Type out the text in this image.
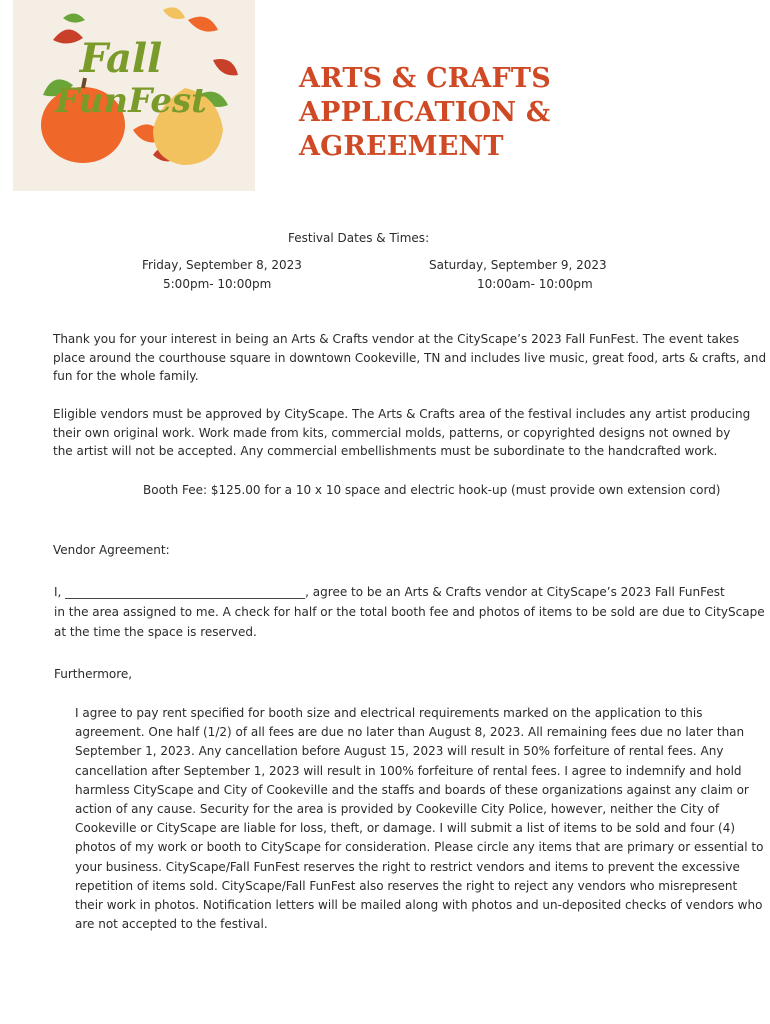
Fall
FunFest
ARTS & CRAFTS
APPLICATION &
AGREEMENT
Festival Dates & Times:
Friday, September 8, 2023
5:00pm- 10:00pm
Saturday, September 9, 2023
10:00am- 10:00pm
Thank you for your interest in being an Arts & Crafts vendor at the CityScape’s 2023 Fall FunFest. The event takes
place around the courthouse square in downtown Cookeville, TN and includes live music, great food, arts & crafts, and
fun for the whole family.
Eligible vendors must be approved by CityScape. The Arts & Crafts area of the festival includes any artist producing
their own original work. Work made from kits, commercial molds, patterns, or copyrighted designs not owned by
the artist will not be accepted. Any commercial embellishments must be subordinate to the handcrafted work.
Booth Fee: $125.00 for a 10 x 10 space and electric hook-up (must provide own extension cord)
Vendor Agreement:
I, ________________________________________, agree to be an Arts & Crafts vendor at CityScape’s 2023 Fall FunFest
in the area assigned to me. A check for half or the total booth fee and photos of items to be sold are due to CityScape
at the time the space is reserved.
Furthermore,
I agree to pay rent specified for booth size and electrical requirements marked on the application to this
agreement. One half (1/2) of all fees are due no later than August 8, 2023. All remaining fees due no later than
September 1, 2023. Any cancellation before August 15, 2023 will result in 50% forfeiture of rental fees. Any
cancellation after September 1, 2023 will result in 100% forfeiture of rental fees. I agree to indemnify and hold
harmless CityScape and City of Cookeville and the staffs and boards of these organizations against any claim or
action of any cause. Security for the area is provided by Cookeville City Police, however, neither the City of
Cookeville or CityScape are liable for loss, theft, or damage. I will submit a list of items to be sold and four (4)
photos of my work or booth to CityScape for consideration. Please circle any items that are primary or essential to
your business. CityScape/Fall FunFest reserves the right to restrict vendors and items to prevent the excessive
repetition of items sold. CityScape/Fall FunFest also reserves the right to reject any vendors who misrepresent
their work in photos. Notification letters will be mailed along with photos and un-deposited checks of vendors who
are not accepted to the festival.
